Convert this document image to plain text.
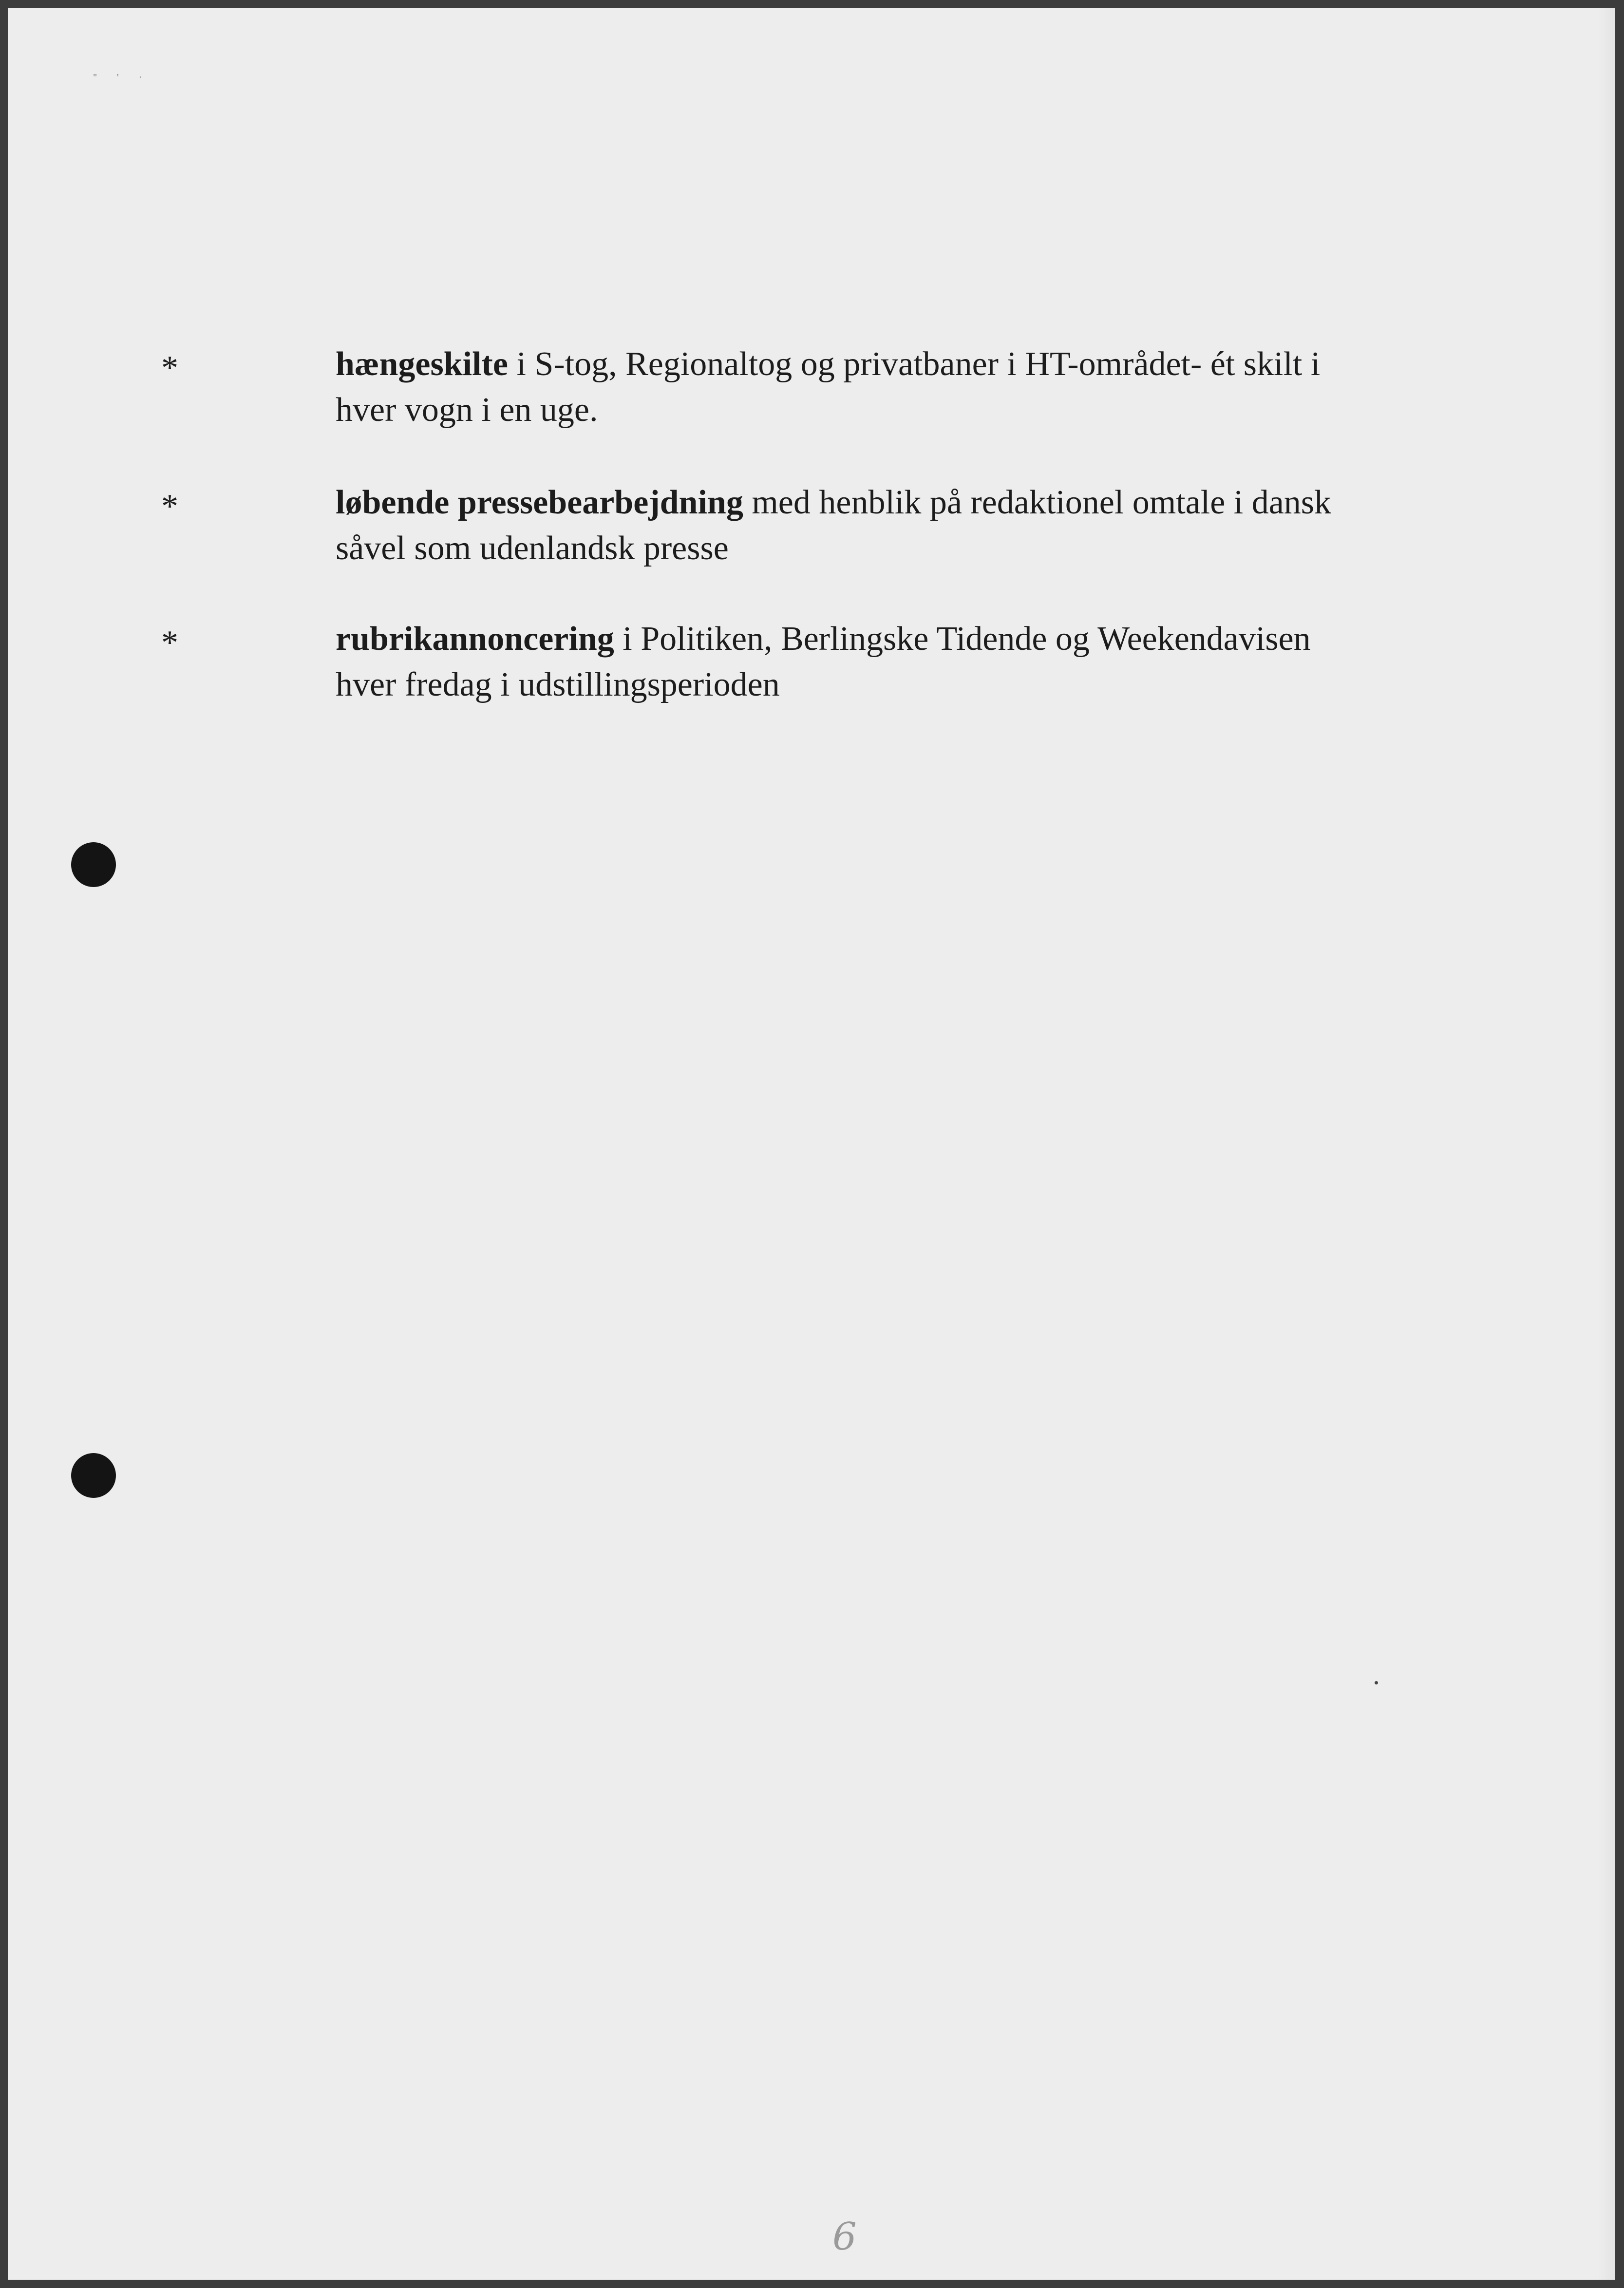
" ' ·
*	hængeskilte i S-tog, Regionaltog og privatbaner i HT-området- ét skilt i
hver vogn i en uge.
*	løbende pressebearbejdning med henblik på redaktionel omtale i dansk
såvel som udenlandsk presse
*	rubrikannoncering i Politiken, Berlingske Tidende og Weekendavisen
hver fredag i udstillingsperioden
6
